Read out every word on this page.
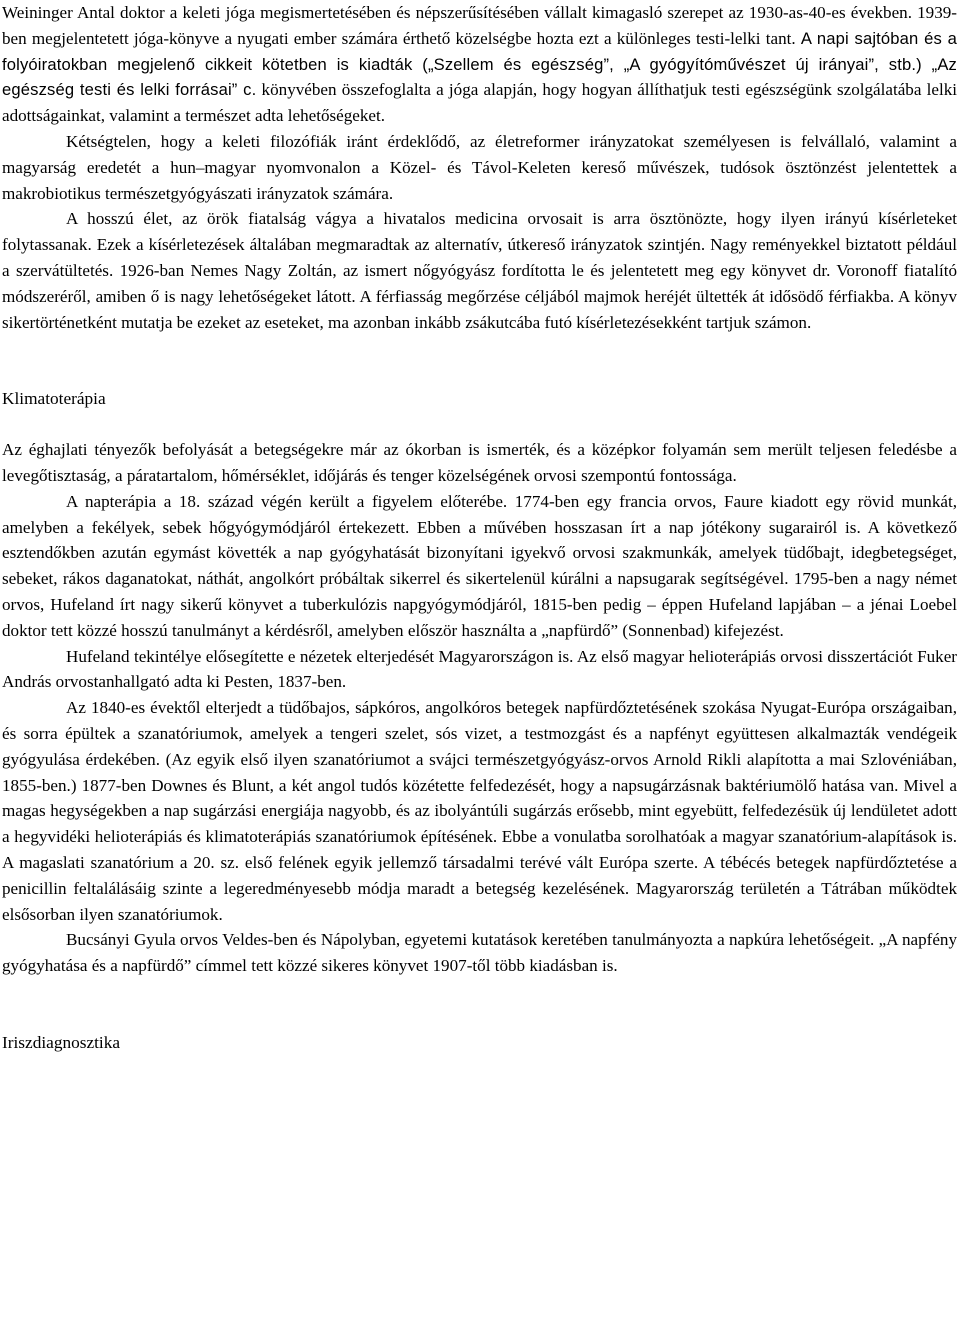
Weininger Antal doktor a keleti jóga megismertetésében és népszerűsítésében vállalt kimagasló szerepet az 1930-as-40-es években. 1939-ben megjelentetett jóga-könyve a nyugati ember számára érthető közelségbe hozta ezt a különleges testi-lelki tant. A napi sajtóban és a folyóiratokban megjelenő cikkeit kötetben is kiadták („Szellem és egészség”, „A gyógyítóművészet új irányai”, stb.) „Az egészség testi és lelki forrásai” c. könyvében összefoglalta a jóga alapján, hogy hogyan állíthatjuk testi egészségünk szolgálatába lelki adottságainkat, valamint a természet adta lehetőségeket.

Kétségtelen, hogy a keleti filozófiák iránt érdeklődő, az életreformer irányzatokat személyesen is felvállaló, valamint a magyarság eredetét a hun–magyar nyomvonalon a Közel- és Távol-Keleten kereső művészek, tudósok ösztönzést jelentettek a makrobiotikus természetgyógyászati irányzatok számára.

A hosszú élet, az örök fiatalság vágya a hivatalos medicina orvosait is arra ösztönözte, hogy ilyen irányú kísérleteket folytassanak. Ezek a kísérletezések általában megmaradtak az alternatív, útkereső irányzatok szintjén. Nagy reményekkel biztatott például a szervátültetés. 1926-ban Nemes Nagy Zoltán, az ismert nőgyógyász fordította le és jelentetett meg egy könyvet dr. Voronoff fiatalító módszeréről, amiben ő is nagy lehetőségeket látott. A férfiasság megőrzése céljából majmok heréjét ültették át idősödő férfiakba. A könyv sikertörténetként mutatja be ezeket az eseteket, ma azonban inkább zsákutcába futó kísérletezésekként tartjuk számon.

Klimatoterápia

Az éghajlati tényezők befolyását a betegségekre már az ókorban is ismerték, és a középkor folyamán sem merült teljesen feledésbe a levegőtisztaság, a páratartalom, hőmérséklet, időjárás és tenger közelségének orvosi szempontú fontossága.

A napterápia a 18. század végén került a figyelem előterébe. 1774-ben egy francia orvos, Faure kiadott egy rövid munkát, amelyben a fekélyek, sebek hőgyógymódjáról értekezett. Ebben a művében hosszasan írt a nap jótékony sugarairól is. A következő esztendőkben azután egymást követték a nap gyógyhatását bizonyítani igyekvő orvosi szakmunkák, amelyek tüdőbajt, idegbetegséget, sebeket, rákos daganatokat, náthát, angolkórt próbáltak sikerrel és sikertelenül kúrálni a napsugarak segítségével. 1795-ben a nagy német orvos, Hufeland írt nagy sikerű könyvet a tuberkulózis napgyógymódjáról, 1815-ben pedig – éppen Hufeland lapjában – a jénai Loebel doktor tett közzé hosszú tanulmányt a kérdésről, amelyben először használta a „napfürdő” (Sonnenbad) kifejezést.

Hufeland tekintélye elősegítette e nézetek elterjedését Magyarországon is. Az első magyar helioterápiás orvosi disszertációt Fuker András orvostanhallgató adta ki Pesten, 1837-ben.

Az 1840-es évektől elterjedt a tüdőbajos, sápkóros, angolkóros betegek napfürdőztetésének szokása Nyugat-Európa országaiban, és sorra épültek a szanatóriumok, amelyek a tengeri szelet, sós vizet, a testmozgást és a napfényt együttesen alkalmazták vendégeik gyógyulása érdekében. (Az egyik első ilyen szanatóriumot a svájci természetgyógyász-orvos Arnold Rikli alapította a mai Szlovéniában, 1855-ben.) 1877-ben Downes és Blunt, a két angol tudós közétette felfedezését, hogy a napsugárzásnak baktériumölő hatása van. Mivel a magas hegységekben a nap sugárzási energiája nagyobb, és az ibolyántúli sugárzás erősebb, mint egyebütt, felfedezésük új lendületet adott a hegyvidéki helioterápiás és klimatoterápiás szanatóriumok építésének. Ebbe a vonulatba sorolhatóak a magyar szanatórium-alapítások is. A magaslati szanatórium a 20. sz. első felének egyik jellemző társadalmi terévé vált Európa szerte. A tébécés betegek napfürdőztetése a penicillin feltalálásáig szinte a legeredményesebb módja maradt a betegség kezelésének. Magyarország területén a Tátrában működtek elsősorban ilyen szanatóriumok.

Bucsányi Gyula orvos Veldes-ben és Nápolyban, egyetemi kutatások keretében tanulmányozta a napkúra lehetőségeit. „A napfény gyógyhatása és a napfürdő” címmel tett közzé sikeres könyvet 1907-től több kiadásban is.

Iriszdiagnosztika
